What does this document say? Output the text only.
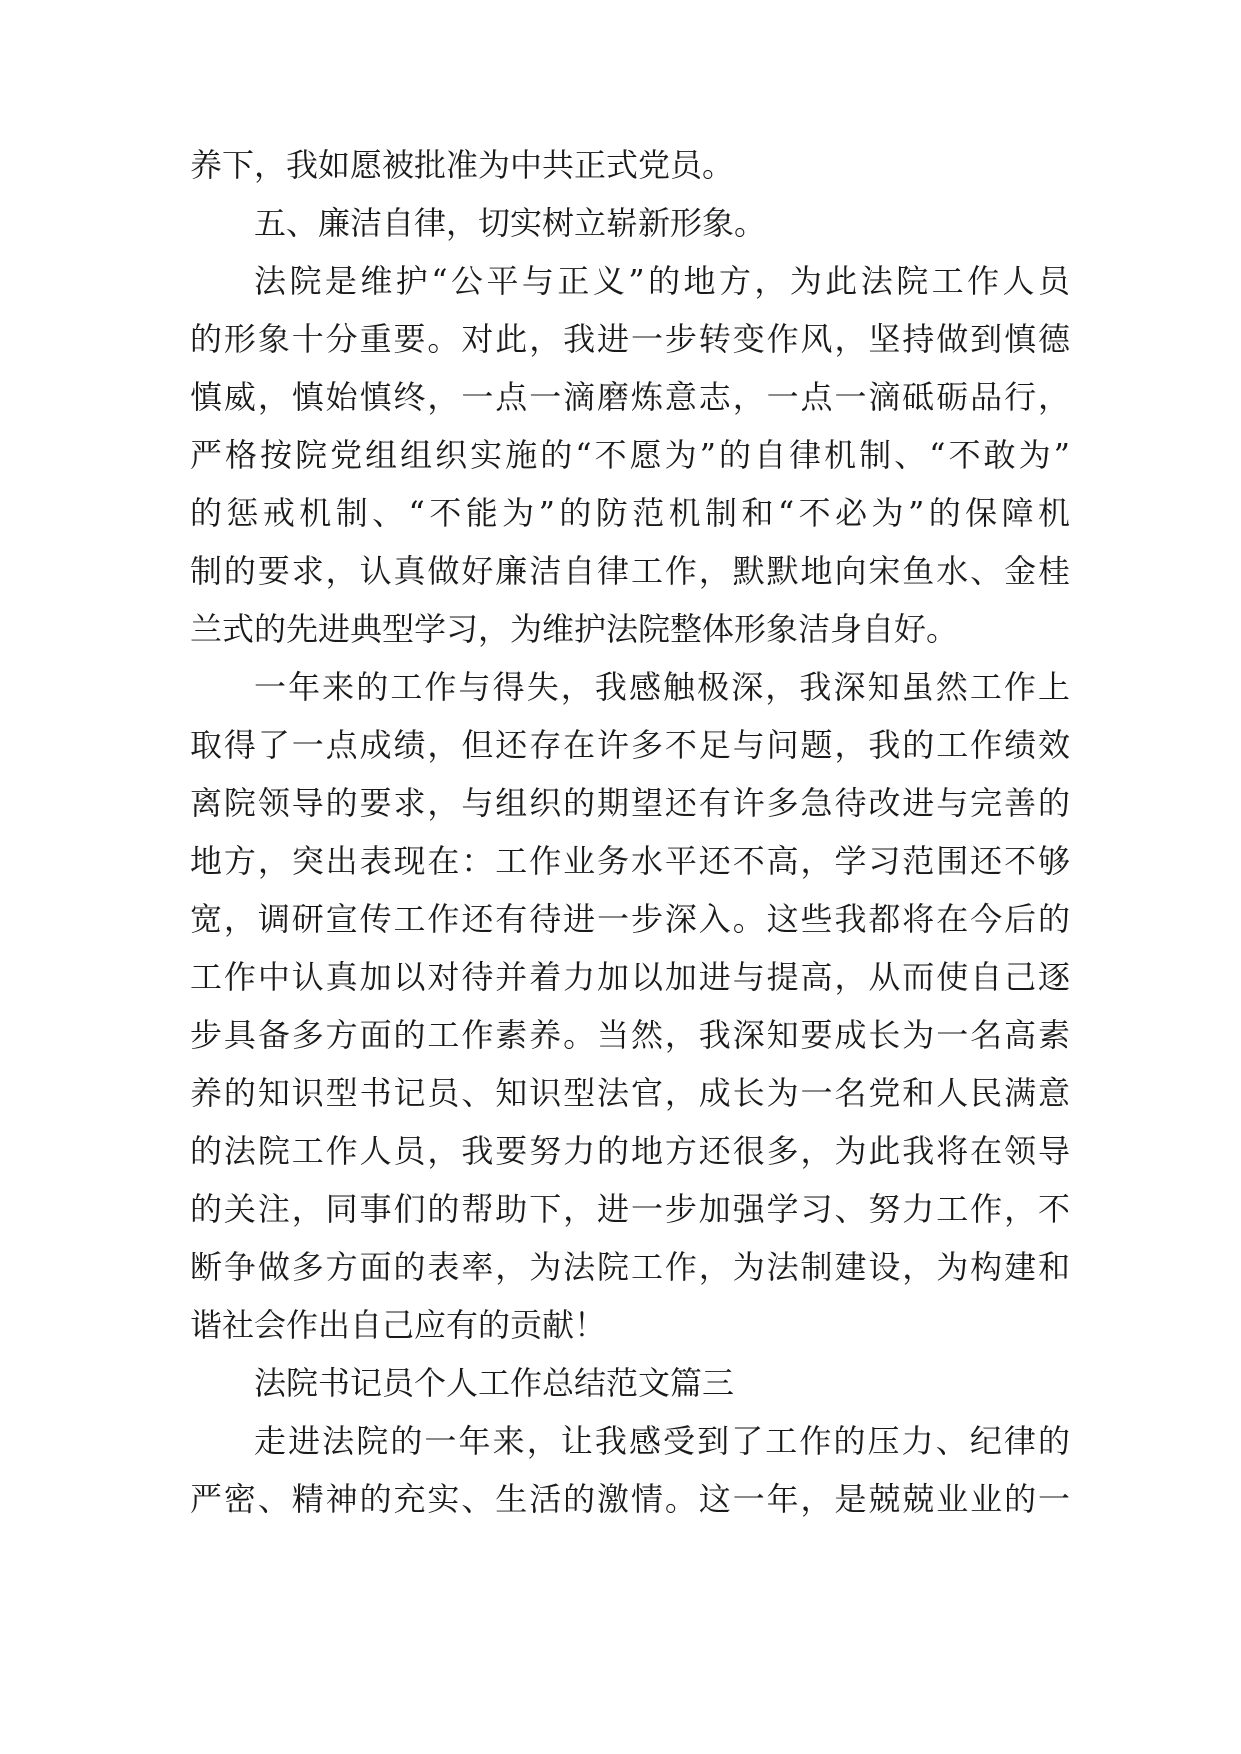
养下，我如愿被批准为中共正式党员。
五、廉洁自律，切实树立崭新形象。
法院是维护“公平与正义”的地方，为此法院工作人员
的形象十分重要。对此，我进一步转变作风，坚持做到慎德
慎威，慎始慎终，一点一滴磨炼意志，一点一滴砥砺品行，
严格按院党组组织实施的“不愿为”的自律机制、“不敢为”
的惩戒机制、“不能为”的防范机制和“不必为”的保障机
制的要求，认真做好廉洁自律工作，默默地向宋鱼水、金桂
兰式的先进典型学习，为维护法院整体形象洁身自好。
一年来的工作与得失，我感触极深，我深知虽然工作上
取得了一点成绩，但还存在许多不足与问题，我的工作绩效
离院领导的要求，与组织的期望还有许多急待改进与完善的
地方，突出表现在：工作业务水平还不高，学习范围还不够
宽，调研宣传工作还有待进一步深入。这些我都将在今后的
工作中认真加以对待并着力加以加进与提高，从而使自己逐
步具备多方面的工作素养。当然，我深知要成长为一名高素
养的知识型书记员、知识型法官，成长为一名党和人民满意
的法院工作人员，我要努力的地方还很多，为此我将在领导
的关注，同事们的帮助下，进一步加强学习、努力工作，不
断争做多方面的表率，为法院工作，为法制建设，为构建和
谐社会作出自己应有的贡献！
法院书记员个人工作总结范文篇三
走进法院的一年来，让我感受到了工作的压力、纪律的
严密、精神的充实、生活的激情。这一年，是兢兢业业的一
